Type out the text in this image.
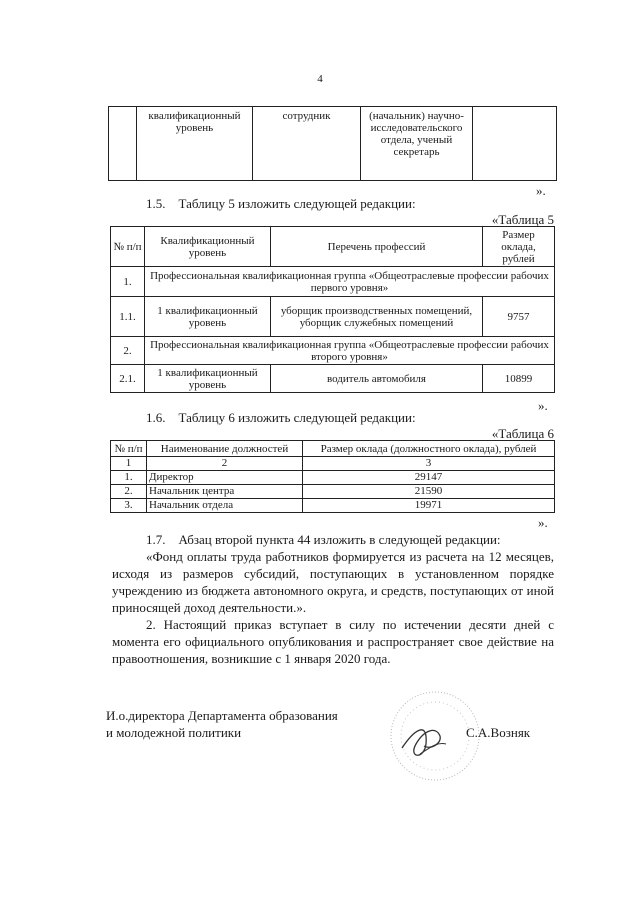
4
	квалификационный уровень	сотрудник	(начальник) научно-исследовательского отдела, ученый секретарь	
».
1.5.    Таблицу 5 изложить следующей редакции:
«Таблица 5
№ п/п	Квалификационный уровень	Перечень профессий	Размер оклада, рублей
1.	Профессиональная квалификационная группа «Общеотраслевые профессии рабочих первого уровня»		
1.1.	1 квалификационный уровень	уборщик производственных помещений, уборщик служебных помещений	9757
2.	Профессиональная квалификационная группа «Общеотраслевые профессии рабочих второго уровня»		
2.1.	1 квалификационный уровень	водитель автомобиля	10899
».
1.6.    Таблицу 6 изложить следующей редакции:
«Таблица 6
№ п/п	Наименование должностей	Размер оклада (должностного оклада), рублей
1	2	3
1.	Директор	29147
2.	Начальник центра	21590
3.	Начальник отдела	19971
».
1.7.    Абзац второй пункта 44 изложить в следующей редакции:
«Фонд оплаты труда работников формируется из расчета на 12 месяцев, исходя из размеров субсидий, поступающих в установленном порядке учреждению из бюджета автономного округа, и средств, поступающих от иной приносящей доход деятельности.».
2. Настоящий приказ вступает в силу по истечении десяти дней с момента его официального опубликования и распространяет свое действие на правоотношения, возникшие с 1 января 2020 года.
И.о.директора Департамента образования
и молодежной политики	С.А.Возняк
